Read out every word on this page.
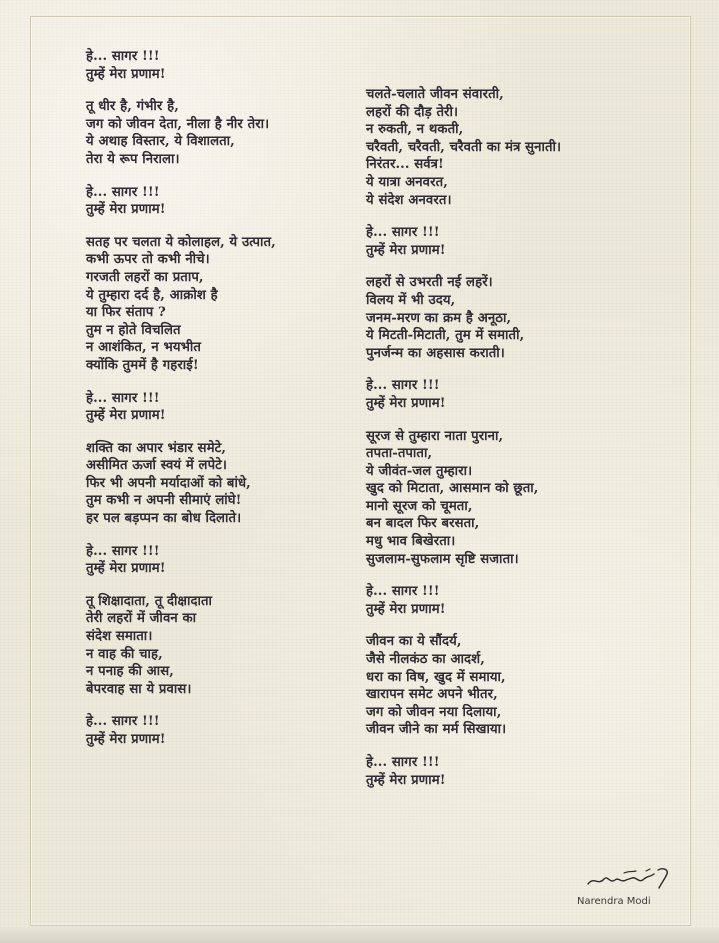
हे... सागर !!!
तुम्हें मेरा प्रणाम!
तू धीर है, गंभीर है,
जग को जीवन देता, नीला है नीर तेरा।
ये अथाह विस्तार, ये विशालता,
तेरा ये रूप निराला।
हे... सागर !!!
तुम्हें मेरा प्रणाम!
सतह पर चलता ये कोलाहल, ये उत्पात,
कभी ऊपर तो कभी नीचे।
गरजती लहरों का प्रताप,
ये तुम्हारा दर्द है, आक्रोश है
या फिर संताप ?
तुम न होते विचलित
न आशंकित, न भयभीत
क्योंकि तुममें है गहराई!
हे... सागर !!!
तुम्हें मेरा प्रणाम!
शक्ति का अपार भंडार समेटे,
असीमित ऊर्जा स्वयं में लपेटे।
फिर भी अपनी मर्यादाओं को बांधे,
तुम कभी न अपनी सीमाएं लांघे!
हर पल बड़प्पन का बोध दिलाते।
हे... सागर !!!
तुम्हें मेरा प्रणाम!
तू शिक्षादाता, तू दीक्षादाता
तेरी लहरों में जीवन का
संदेश समाता।
न वाह की चाह,
न पनाह की आस,
बेपरवाह सा ये प्रवास।
हे... सागर !!!
तुम्हें मेरा प्रणाम!
चलते-चलाते जीवन संवारती,
लहरों की दौड़ तेरी।
न रुकती, न थकती,
चरैवती, चरैवती, चरैवती का मंत्र सुनाती।
निरंतर... सर्वत्र!
ये यात्रा अनवरत,
ये संदेश अनवरत।
हे... सागर !!!
तुम्हें मेरा प्रणाम!
लहरों से उभरती नई लहरें।
विलय में भी उदय,
जनम-मरण का क्रम है अनूठा,
ये मिटती-मिटाती, तुम में समाती,
पुनर्जन्म का अहसास कराती।
हे... सागर !!!
तुम्हें मेरा प्रणाम!
सूरज से तुम्हारा नाता पुराना,
तपता-तपाता,
ये जीवंत-जल तुम्हारा।
खुद को मिटाता, आसमान को छूता,
मानो सूरज को चूमता,
बन बादल फिर बरसता,
मधु भाव बिखेरता।
सुजलाम-सुफलाम सृष्टि सजाता।
हे... सागर !!!
तुम्हें मेरा प्रणाम!
जीवन का ये सौंदर्य,
जैसे नीलकंठ का आदर्श,
धरा का विष, खुद में समाया,
खारापन समेट अपने भीतर,
जग को जीवन नया दिलाया,
जीवन जीने का मर्म सिखाया।
हे... सागर !!!
तुम्हें मेरा प्रणाम!
Narendra Modi
